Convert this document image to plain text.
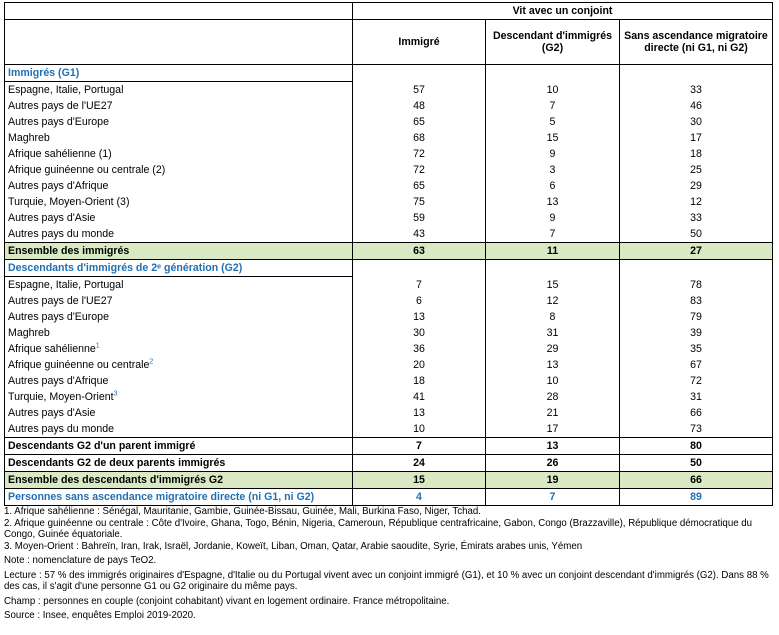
	Vit avec un conjoint		
	Immigré	Descendant d'immigrés (G2)	Sans ascendance migratoire directe (ni G1, ni G2)
Immigrés (G1)			
Espagne, Italie, Portugal	57	10	33
Autres pays de l'UE27	48	7	46
Autres pays d'Europe	65	5	30
Maghreb	68	15	17
Afrique sahélienne (1)	72	9	18
Afrique guinéenne ou centrale (2)	72	3	25
Autres pays d'Afrique	65	6	29
Turquie, Moyen-Orient (3)	75	13	12
Autres pays d'Asie	59	9	33
Autres pays du monde	43	7	50
Ensemble des immigrés	63	11	27
Descendants d'immigrés de 2ᵉ génération (G2)			
Espagne, Italie, Portugal	7	15	78
Autres pays de l'UE27	6	12	83
Autres pays d'Europe	13	8	79
Maghreb	30	31	39
Afrique sahélienne$^1$	36	29	35
Afrique guinéenne ou centrale$^2$	20	13	67
Autres pays d'Afrique	18	10	72
Turquie, Moyen-Orient$^3$	41	28	31
Autres pays d'Asie	13	21	66
Autres pays du monde	10	17	73
Descendants G2 d'un parent immigré	7	13	80
Descendants G2 de deux parents immigrés	24	26	50
Ensemble des descendants d'immigrés G2	15	19	66
Personnes sans ascendance migratoire directe (ni G1, ni G2)	4	7	89

1. Afrique sahélienne : Sénégal, Mauritanie, Gambie, Guinée-Bissau, Guinée, Mali, Burkina Faso, Niger, Tchad.

2. Afrique guinéenne ou centrale : Côte d'Ivoire, Ghana, Togo, Bénin, Nigeria, Cameroun, République centrafricaine, Gabon, Congo (Brazzaville), République démocratique du Congo, Guinée équatoriale.

3. Moyen-Orient : Bahreïn, Iran, Irak, Israël, Jordanie, Koweït, Liban, Oman, Qatar, Arabie saoudite, Syrie, Émirats arabes unis, Yémen

Note : nomenclature de pays TeO2.

Lecture : 57 % des immigrés originaires d'Espagne, d'Italie ou du Portugal vivent avec un conjoint immigré (G1), et 10 % avec un conjoint descendant d'immigrés (G2). Dans 88 % des cas, il s'agit d'une personne G1 ou G2 originaire du même pays.

Champ : personnes en couple (conjoint cohabitant) vivant en logement ordinaire. France métropolitaine.

Source : Insee, enquêtes Emploi 2019-2020.
